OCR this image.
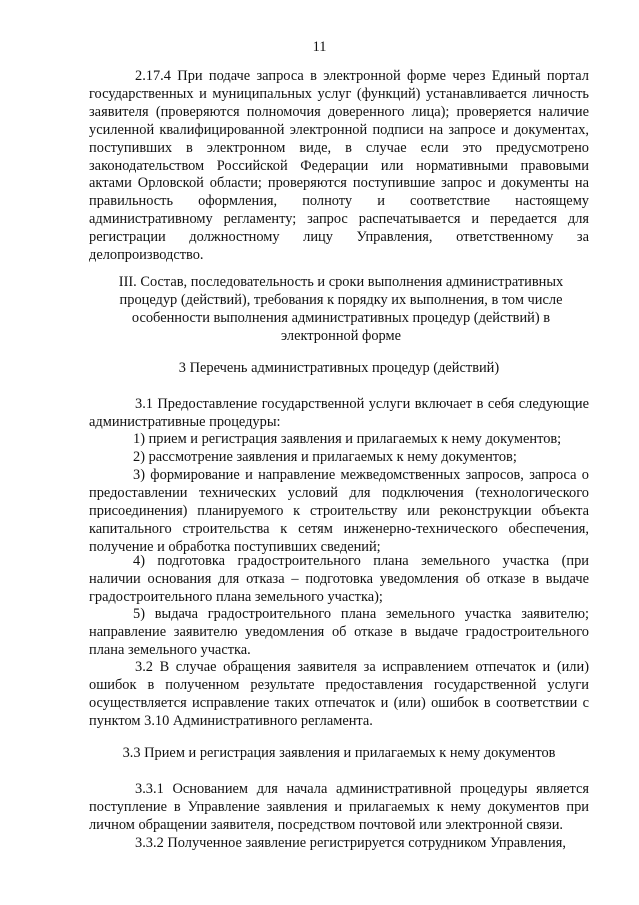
11

2.17.4 При подаче запроса в электронной форме через Единый портал государственных и муниципальных услуг (функций) устанавливается личность заявителя (проверяются полномочия доверенного лица); проверяется наличие усиленной квалифицированной электронной подписи на запросе и документах, поступивших в электронном виде, в случае если это предусмотрено законодательством Российской Федерации или нормативными правовыми актами Орловской области; проверяются поступившие запрос и документы на правильность оформления, полноту и соответствие настоящему административному регламенту; запрос распечатывается и передается для регистрации должностному лицу Управления, ответственному за делопроизводство.

III. Состав, последовательность и сроки выполнения административных процедур (действий), требования к порядку их выполнения, в том числе особенности выполнения административных процедур (действий) в электронной форме

3 Перечень административных процедур (действий)

3.1 Предоставление государственной услуги включает в себя следующие административные процедуры:

1) прием и регистрация заявления и прилагаемых к нему документов;

2) рассмотрение заявления и прилагаемых к нему документов;

3) формирование и направление межведомственных запросов, запроса о предоставлении технических условий для подключения (технологического присоединения) планируемого к строительству или реконструкции объекта капитального строительства к сетям инженерно-технического обеспечения, получение и обработка поступивших сведений;

4) подготовка градостроительного плана земельного участка (при наличии основания для отказа – подготовка уведомления об отказе в выдаче градостроительного плана земельного участка);

5) выдача градостроительного плана земельного участка заявителю; направление заявителю уведомления об отказе в выдаче градостроительного плана земельного участка.

3.2 В случае обращения заявителя за исправлением отпечаток и (или) ошибок в полученном результате предоставления государственной услуги осуществляется исправление таких отпечаток и (или) ошибок в соответствии с пунктом 3.10 Административного регламента.

3.3 Прием и регистрация заявления и прилагаемых к нему документов

3.3.1 Основанием для начала административной процедуры является поступление в Управление заявления и прилагаемых к нему документов при личном обращении заявителя, посредством почтовой или электронной связи.

3.3.2 Полученное заявление регистрируется сотрудником Управления,
